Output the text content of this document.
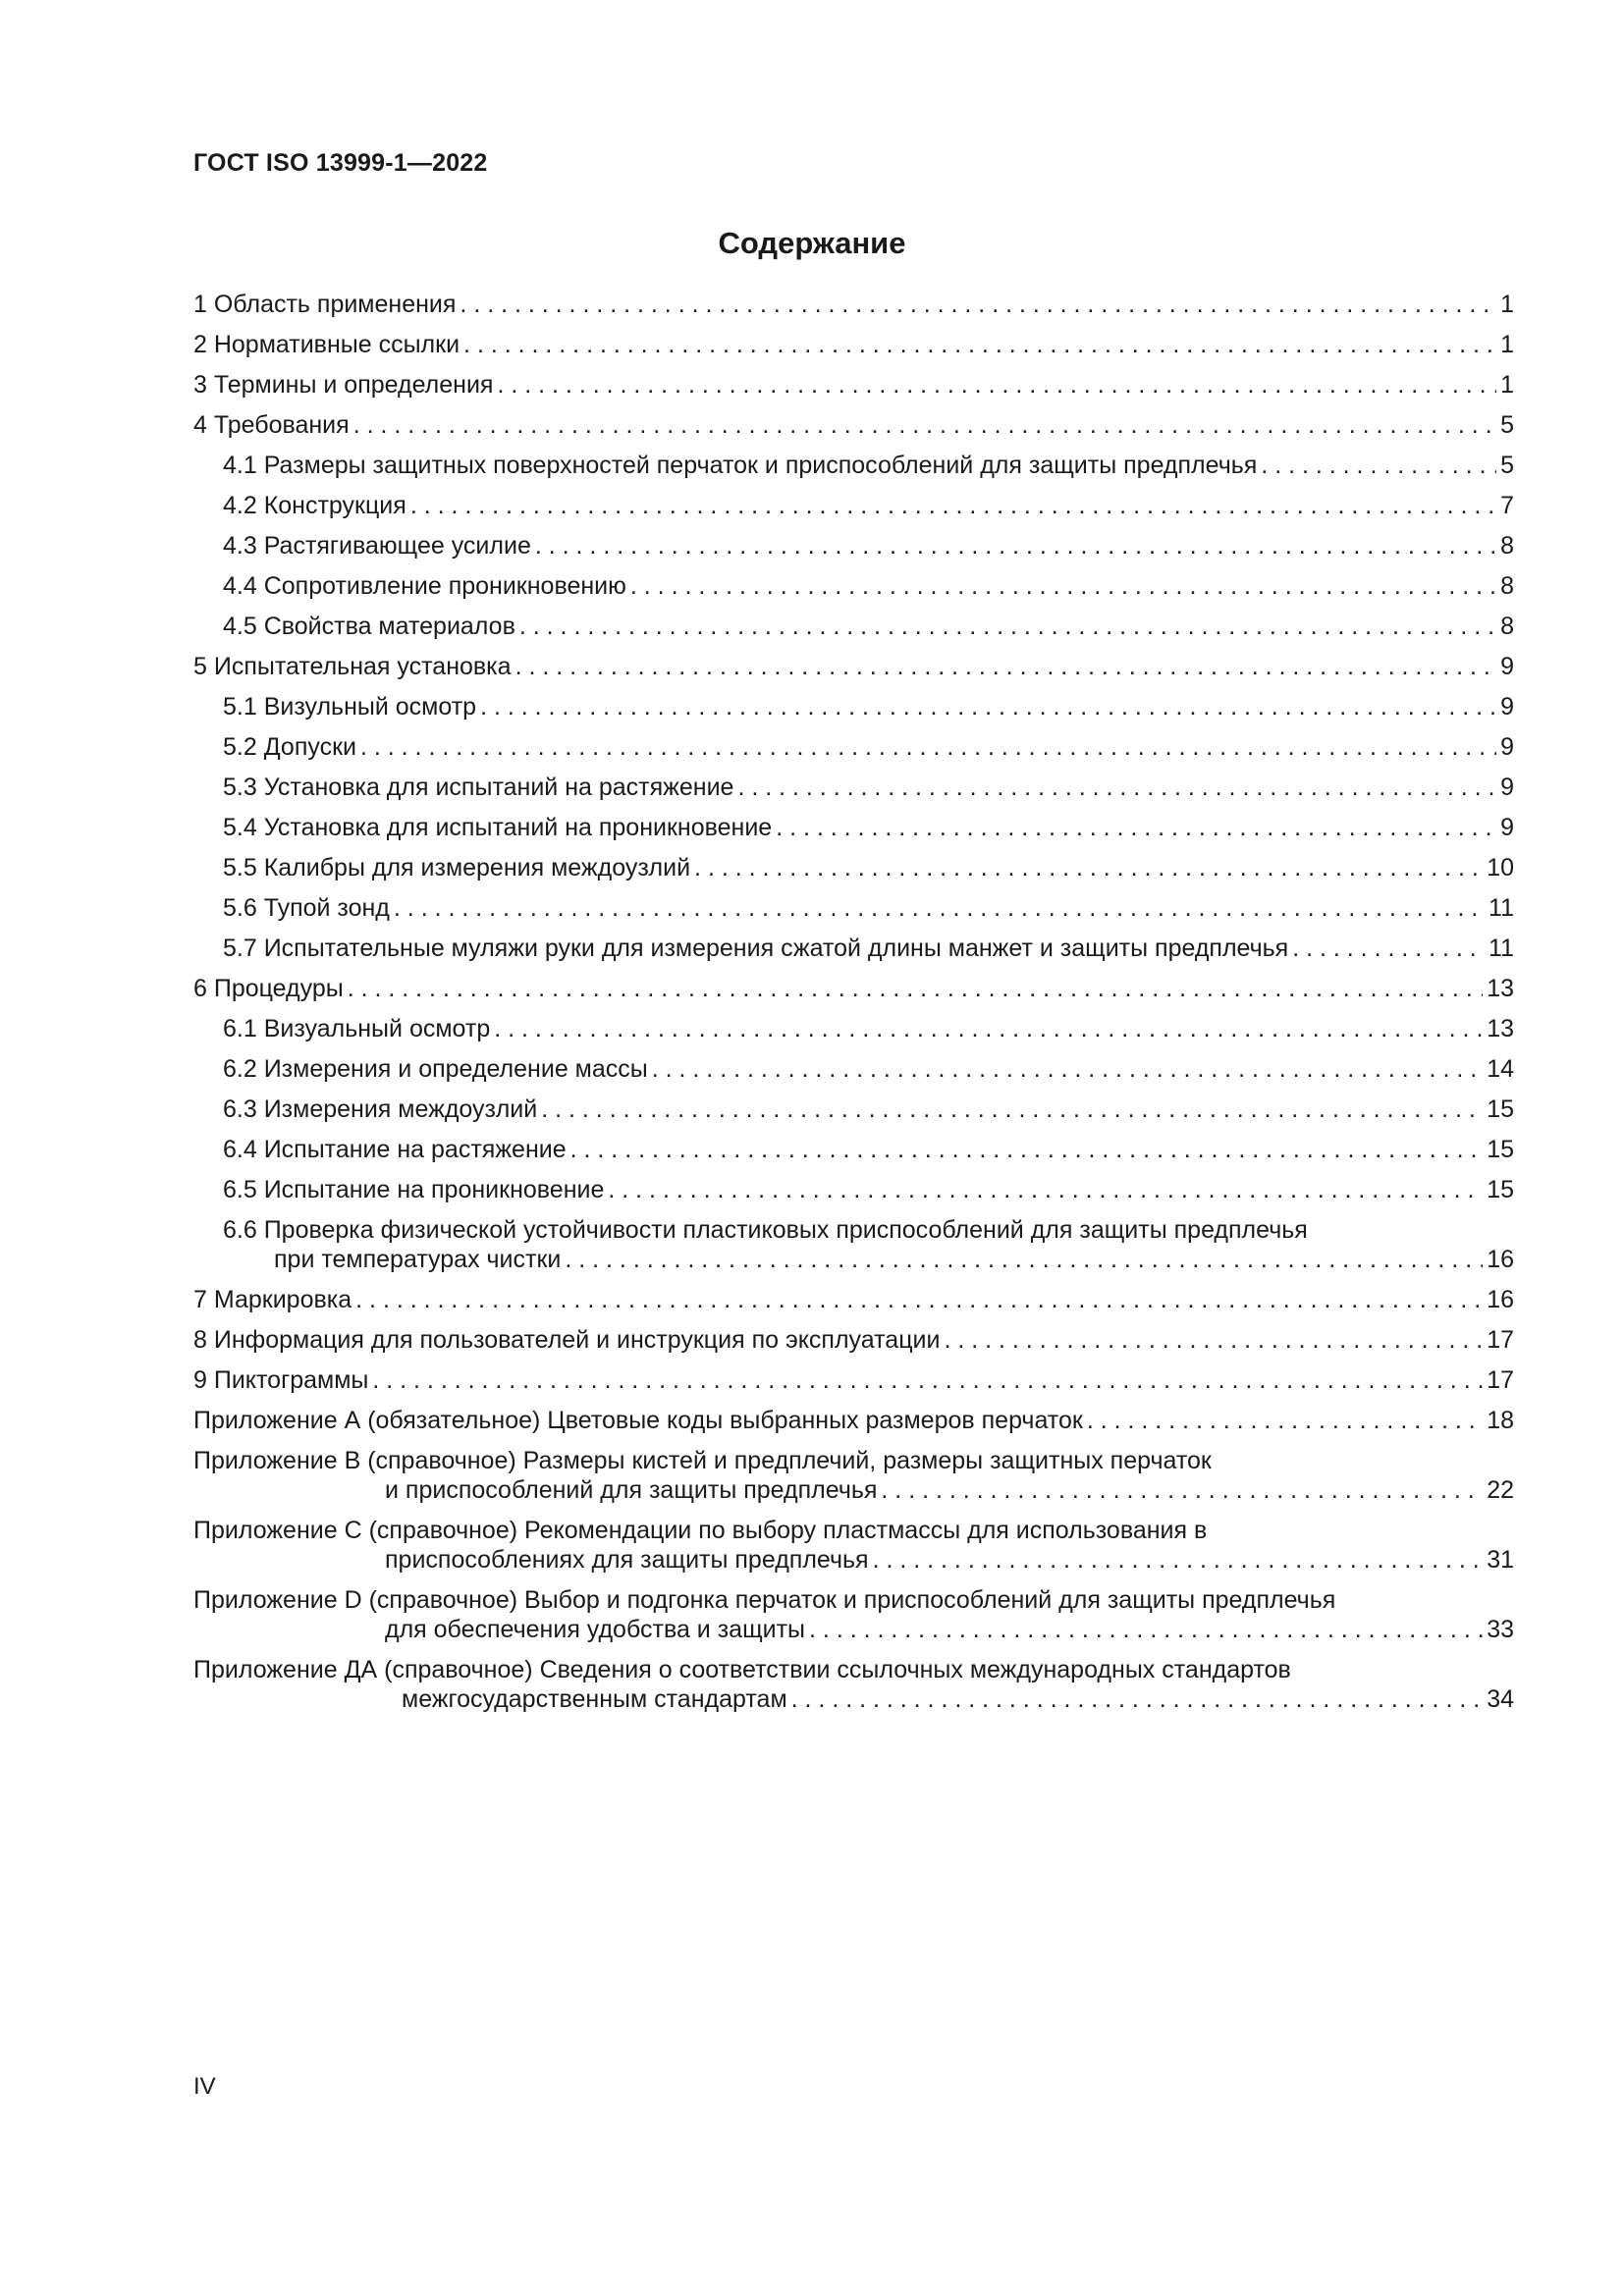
ГОСТ ISO 13999-1—2022
Содержание
1 Область применения . . .	1
2 Нормативные ссылки . . .	1
3 Термины и определения . . .	1
4 Требования . . .	5
4.1 Размеры защитных поверхностей перчаток и приспособлений для защиты предплечья . . .	5
4.2 Конструкция . . .	7
4.3 Растягивающее усилие . . .	8
4.4 Сопротивление проникновению . . .	8
4.5 Свойства материалов . . .	8
5 Испытательная установка . . .	9
5.1 Визульный осмотр . . .	9
5.2 Допуски . . .	9
5.3 Установка для испытаний на растяжение . . .	9
5.4 Установка для испытаний на проникновение . . .	9
5.5 Калибры для измерения междоузлий . . .	10
5.6 Тупой зонд . . .	11
5.7 Испытательные муляжи руки для измерения сжатой длины манжет и защиты предплечья . . .	11
6 Процедуры . . .	13
6.1 Визуальный осмотр . . .	13
6.2 Измерения и определение массы . . .	14
6.3 Измерения междоузлий . . .	15
6.4 Испытание на растяжение . . .	15
6.5 Испытание на проникновение . . .	15
6.6 Проверка физической устойчивости пластиковых приспособлений для защиты предплечья
при температурах чистки . . .	16
7 Маркировка . . .	16
8 Информация для пользователей и инструкция по эксплуатации . . .	17
9 Пиктограммы . . .	17
Приложение А (обязательное) Цветовые коды выбранных размеров перчаток . . .	18
Приложение В (справочное) Размеры кистей и предплечий, размеры защитных перчаток
и приспособлений для защиты предплечья . . .	22
Приложение С (справочное) Рекомендации по выбору пластмассы для использования в
приспособлениях для защиты предплечья . . .	31
Приложение D (справочное) Выбор и подгонка перчаток и приспособлений для защиты предплечья
для обеспечения удобства и защиты . . .	33
Приложение ДА (справочное) Сведения о соответствии ссылочных международных стандартов
межгосударственным стандартам . . .	34
IV
